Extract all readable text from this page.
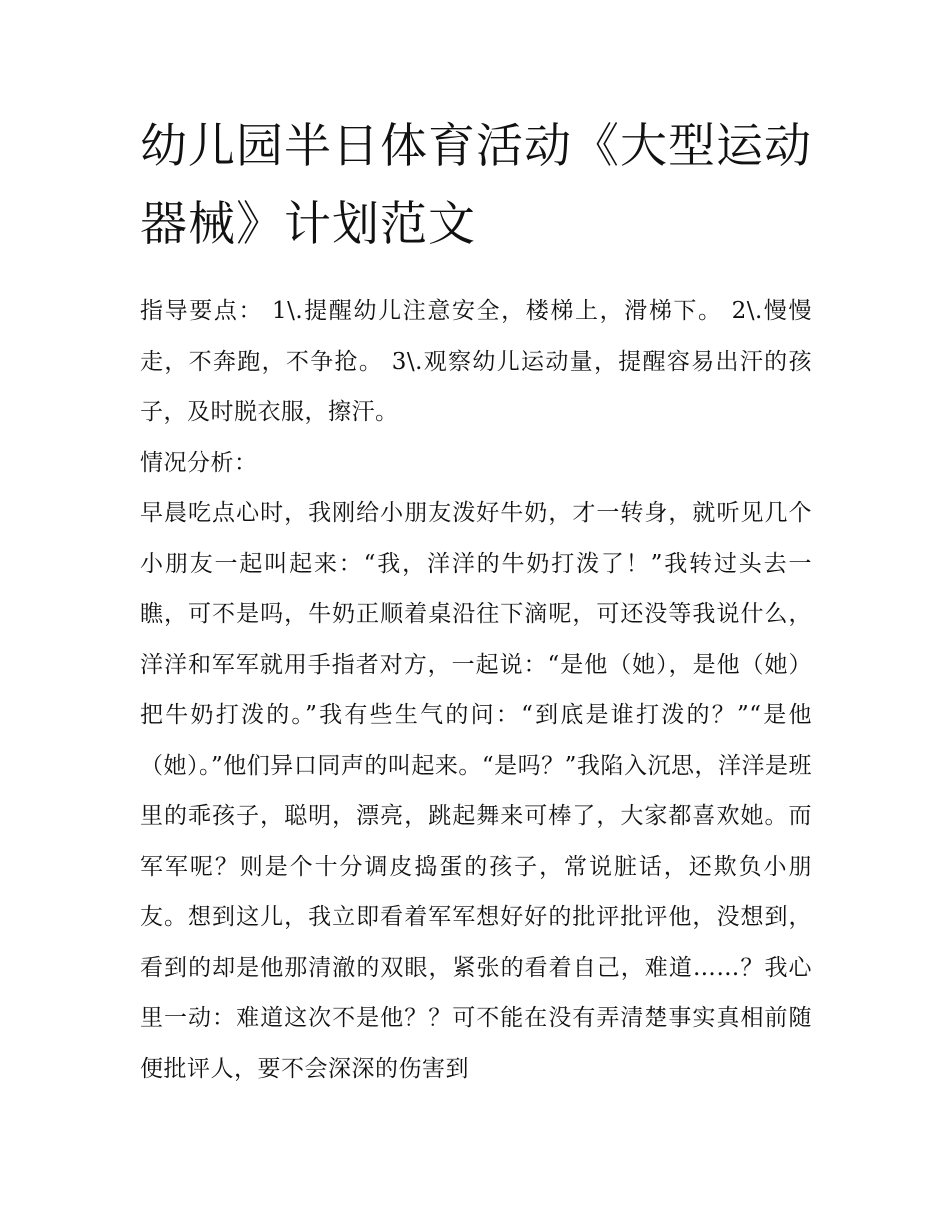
幼儿园半日体育活动《大型运动器械》计划范文

指导要点： 1\.提醒幼儿注意安全，楼梯上，滑梯下。 2\.慢慢走，不奔跑，不争抢。 3\.观察幼儿运动量，提醒容易出汗的孩子，及时脱衣服，擦汗。

情况分析：

早晨吃点心时，我刚给小朋友泼好牛奶，才一转身，就听见几个小朋友一起叫起来：“我，洋洋的牛奶打泼了！”我转过头去一瞧，可不是吗，牛奶正顺着桌沿往下滴呢，可还没等我说什么，洋洋和军军就用手指者对方，一起说：“是他（她），是他（她）把牛奶打泼的。”我有些生气的问：“到底是谁打泼的？”“是他（她）。”他们异口同声的叫起来。“是吗？”我陷入沉思，洋洋是班里的乖孩子，聪明，漂亮，跳起舞来可棒了，大家都喜欢她。而军军呢？则是个十分调皮捣蛋的孩子，常说脏话，还欺负小朋友。想到这儿，我立即看着军军想好好的批评批评他，没想到，看到的却是他那清澈的双眼，紧张的看着自己，难道……？我心里一动：难道这次不是他？？可不能在没有弄清楚事实真相前随便批评人，要不会深深的伤害到
